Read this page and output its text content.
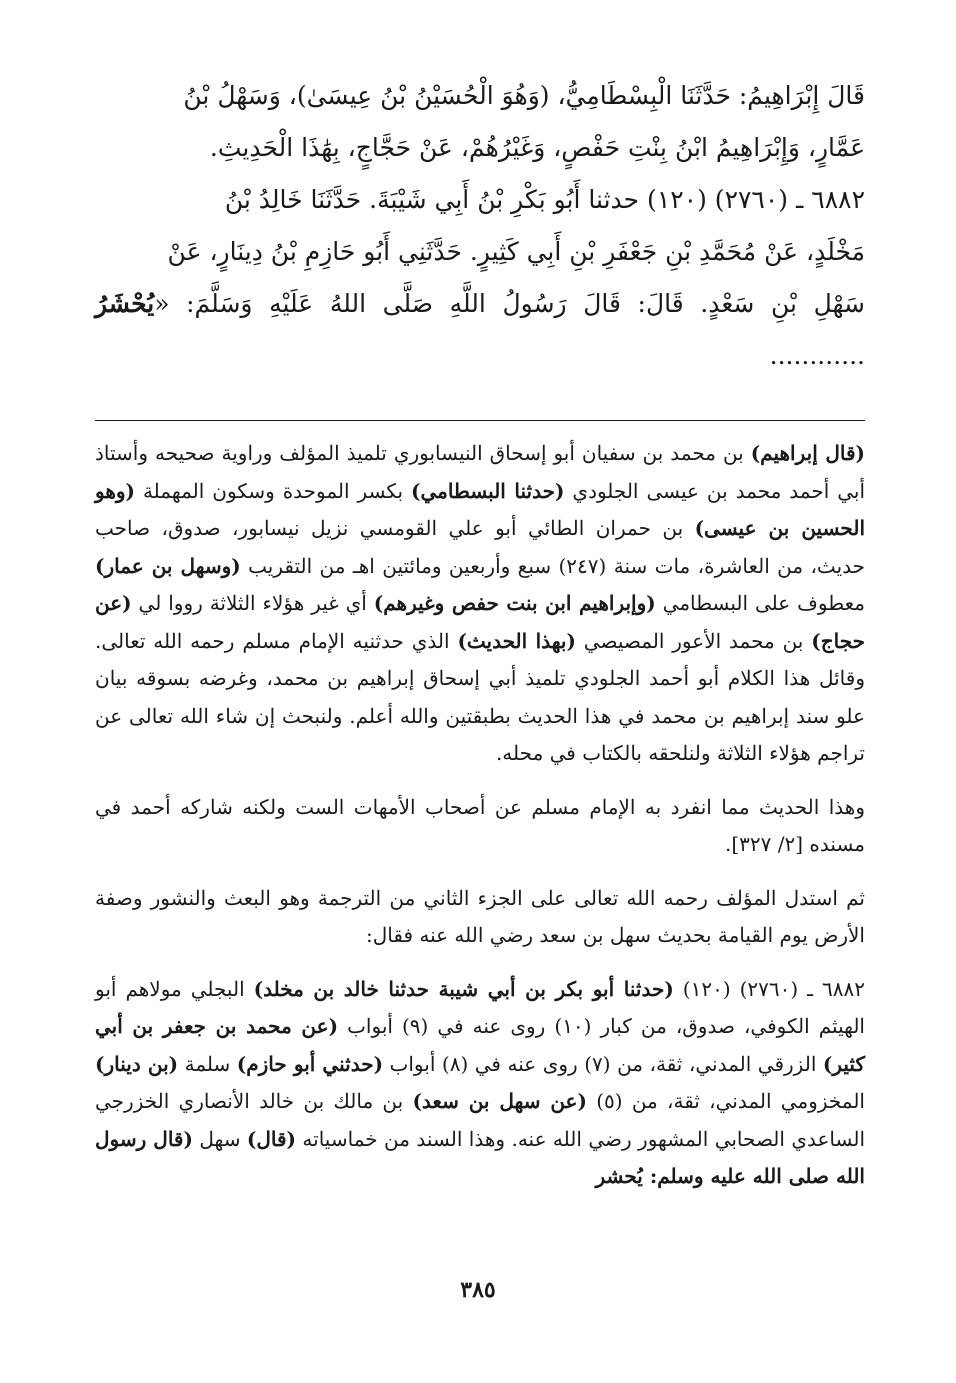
قَالَ إِبْرَاهِيمُ: حَدَّثَنَا الْبِسْطَامِيُّ، (وَهُوَ الْحُسَيْنُ بْنُ عِيسَىٰ)، وَسَهْلُ بْنُ

عَمَّارٍ، وَإِبْرَاهِيمُ ابْنُ بِنْتِ حَفْصٍ، وَغَيْرُهُمْ، عَنْ حَجَّاجٍ، بِهَٰذَا الْحَدِيثِ.

٦٨٨٢ ـ (٢٧٦٠) (١٢٠) حدثنا أَبُو بَكْرِ بْنُ أَبِي شَيْبَةَ. حَدَّثَنَا خَالِدُ بْنُ

مَخْلَدٍ، عَنْ مُحَمَّدِ بْنِ جَعْفَرِ بْنِ أَبِي كَثِيرٍ. حَدَّثَنِي أَبُو حَازِمِ بْنُ دِينَارٍ، عَنْ

سَهْلِ بْنِ سَعْدٍ. قَالَ: قَالَ رَسُولُ اللَّهِ صَلَّى اللهُ عَلَيْهِ وَسَلَّمَ: «يُحْشَرُ ............

(قال إبراهيم) بن محمد بن سفيان أبو إسحاق النيسابوري تلميذ المؤلف وراوية صحيحه وأستاذ أبي أحمد محمد بن عيسى الجلودي (حدثنا البسطامي) بكسر الموحدة وسكون المهملة (وهو الحسين بن عيسى) بن حمران الطائي أبو علي القومسي نزيل نيسابور، صدوق، صاحب حديث، من العاشرة، مات سنة (٢٤٧) سبع وأربعين ومائتين اهـ من التقريب (وسهل بن عمار) معطوف على البسطامي (وإبراهيم ابن بنت حفص وغيرهم) أي غير هؤلاء الثلاثة رووا لي (عن حجاج) بن محمد الأعور المصيصي (بهذا الحديث) الذي حدثنيه الإمام مسلم رحمه الله تعالى. وقائل هذا الكلام أبو أحمد الجلودي تلميذ أبي إسحاق إبراهيم بن محمد، وغرضه بسوقه بيان علو سند إبراهيم بن محمد في هذا الحديث بطبقتين والله أعلم. ولنبحث إن شاء الله تعالى عن تراجم هؤلاء الثلاثة ولنلحقه بالكتاب في محله.

وهذا الحديث مما انفرد به الإمام مسلم عن أصحاب الأمهات الست ولكنه شاركه أحمد في مسنده [٢/ ٣٢٧].

ثم استدل المؤلف رحمه الله تعالى على الجزء الثاني من الترجمة وهو البعث والنشور وصفة الأرض يوم القيامة بحديث سهل بن سعد رضي الله عنه فقال:

٦٨٨٢ ـ (٢٧٦٠) (١٢٠) (حدثنا أبو بكر بن أبي شيبة حدثنا خالد بن مخلد) البجلي مولاهم أبو الهيثم الكوفي، صدوق، من كبار (١٠) روى عنه في (٩) أبواب (عن محمد بن جعفر بن أبي كثير) الزرقي المدني، ثقة، من (٧) روى عنه في (٨) أبواب (حدثني أبو حازم) سلمة (بن دينار) المخزومي المدني، ثقة، من (٥) (عن سهل بن سعد) بن مالك بن خالد الأنصاري الخزرجي الساعدي الصحابي المشهور رضي الله عنه. وهذا السند من خماسياته (قال) سهل (قال رسول الله صلى الله عليه وسلم: يُحشر

٣٨٥
